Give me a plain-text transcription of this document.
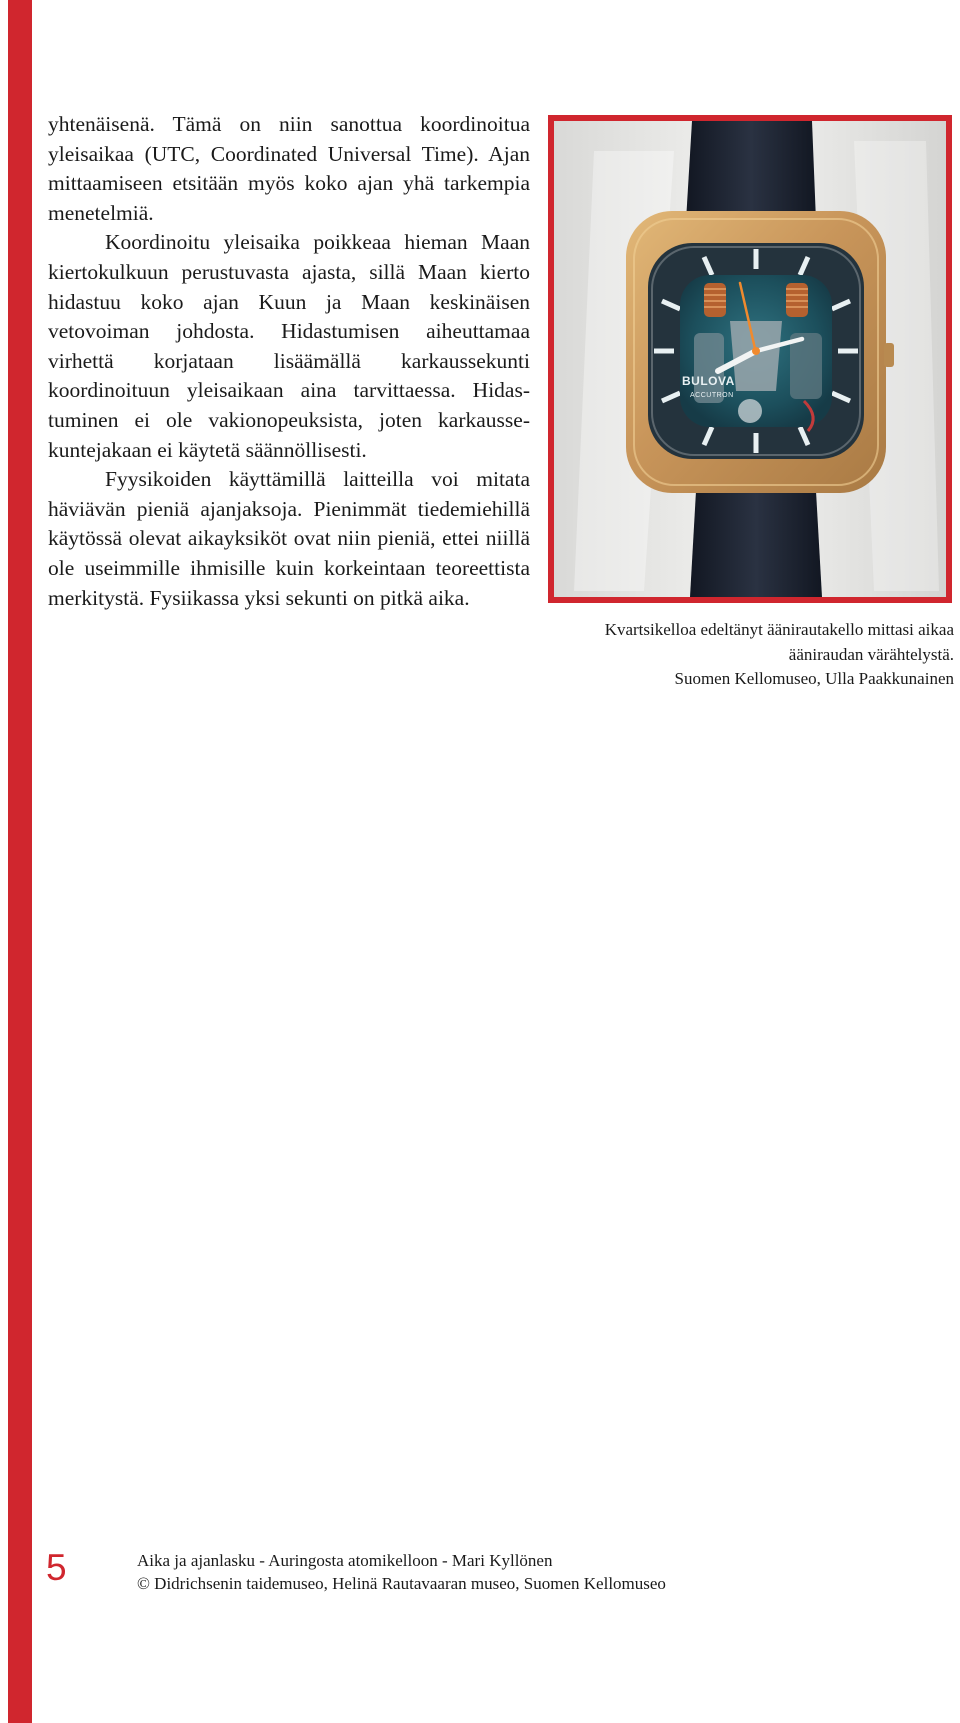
yhtenäisenä. Tämä on niin sanottua koordinoitua yleisaikaa (UTC, Coordinated Universal Time). Ajan mittaamiseen etsitään myös koko ajan yhä tarkempia menetelmiä.

Koordinoitu yleisaika poikkeaa hieman Maan kiertokulkuun perustuvasta ajasta, sillä Maan kierto hidastuu koko ajan Kuun ja Maan keskinäisen vetovoiman johdosta. Hidastumisen aiheuttamaa virhettä korjataan lisäämällä karkaussekunti koordinoituun yleisaikaan aina tarvittaessa. Hidastuminen ei ole vakionopeuksista, joten karkaussekuntejakaan ei käytetä säännöllisesti.

Fyysikoiden käyttämillä laitteilla voi mitata häviävän pieniä ajanjaksoja. Pienimmät tiedemiehillä käytössä olevat aikayksiköt ovat niin pieniä, ettei niillä ole useimmille ihmisille kuin korkeintaan teoreettista merkitystä. Fysiikassa yksi sekunti on pitkä aika.

BULOVA
ACCUTRON
Kvartsikelloa edeltänyt äänirautakello mittasi aikaa
ääniraudan värähtelystä.
Suomen Kellomuseo, Ulla Paakkunainen
5	Aika ja ajanlasku - Auringosta atomikelloon - Mari Kyllönen
© Didrichsenin taidemuseo, Helinä Rautavaaran museo, Suomen Kellomuseo
